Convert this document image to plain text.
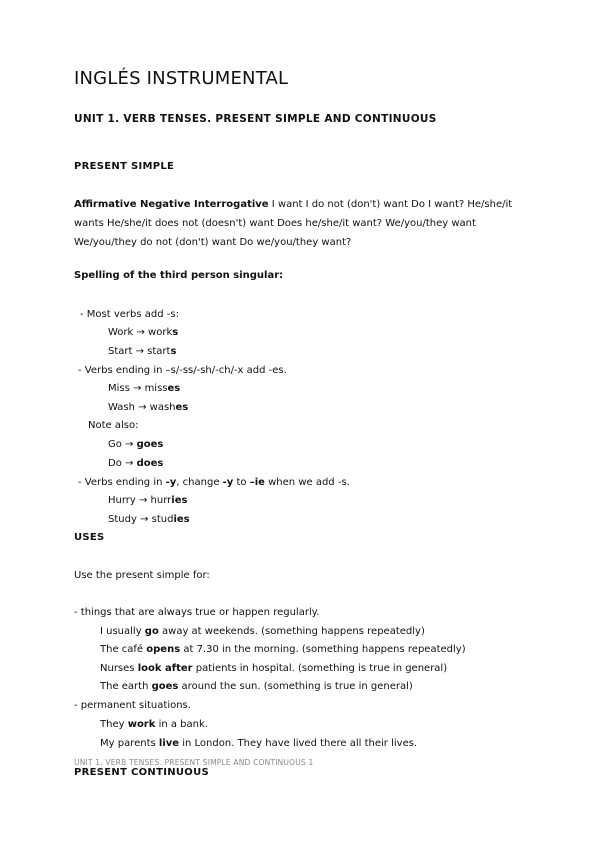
INGLÉS INSTRUMENTAL
UNIT 1. VERB TENSES. PRESENT SIMPLE AND CONTINUOUS
PRESENT SIMPLE
Affirmative Negative Interrogative I want I do not (don't) want Do I want? He/she/it wants He/she/it does not (doesn't) want Does he/she/it want? We/you/they want We/you/they do not (don't) want Do we/you/they want?
Spelling of the third person singular:
- Most verbs add -s:
Work → works
Start → starts
- Verbs ending in –s/-ss/-sh/-ch/-x add -es.
Miss → misses
Wash → washes
Note also:
Go → goes
Do → does
- Verbs ending in -y, change -y to –ie when we add -s.
Hurry → hurries
Study → studies
USES
Use the present simple for:
- things that are always true or happen regularly.
I usually go away at weekends. (something happens repeatedly)
The café opens at 7.30 in the morning. (something happens repeatedly)
Nurses look after patients in hospital. (something is true in general)
The earth goes around the sun. (something is true in general)
- permanent situations.
They work in a bank.
My parents live in London. They have lived there all their lives.
UNIT 1. VERB TENSES. PRESENT SIMPLE AND CONTINUOUS 1
PRESENT CONTINUOUS
